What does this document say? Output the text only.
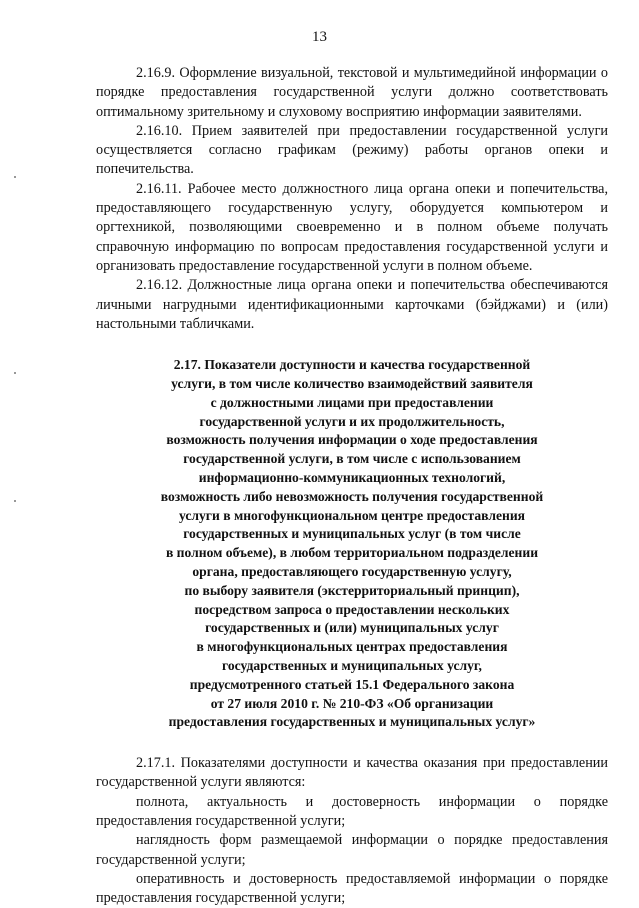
13

2.16.9. Оформление визуальной, текстовой и мультимедийной информации о порядке предоставления государственной услуги должно соответствовать оптимальному зрительному и слуховому восприятию информации заявителями.

2.16.10. Прием заявителей при предоставлении государственной услуги осуществляется согласно графикам (режиму) работы органов опеки и попечительства.

2.16.11. Рабочее место должностного лица органа опеки и попечительства, предоставляющего государственную услугу, оборудуется компьютером и оргтехникой, позволяющими своевременно и в полном объеме получать справочную информацию по вопросам предоставления государственной услуги и организовать предоставление государственной услуги в полном объеме.

2.16.12. Должностные лица органа опеки и попечительства обеспечиваются личными нагрудными идентификационными карточками (бэйджами) и (или) настольными табличками.

2.17. Показатели доступности и качества государственной
услуги, в том числе количество взаимодействий заявителя
с должностными лицами при предоставлении
государственной услуги и их продолжительность,
возможность получения информации о ходе предоставления
государственной услуги, в том числе с использованием
информационно-коммуникационных технологий,
возможность либо невозможность получения государственной
услуги в многофункциональном центре предоставления
государственных и муниципальных услуг (в том числе
в полном объеме), в любом территориальном подразделении
органа, предоставляющего государственную услугу,
по выбору заявителя (экстерриториальный принцип),
посредством запроса о предоставлении нескольких
государственных и (или) муниципальных услуг
в многофункциональных центрах предоставления
государственных и муниципальных услуг,
предусмотренного статьей 15.1 Федерального закона
от 27 июля 2010 г. № 210-ФЗ «Об организации
предоставления государственных и муниципальных услуг»

2.17.1. Показателями доступности и качества оказания при предоставлении государственной услуги являются:

полнота, актуальность и достоверность информации о порядке предоставления государственной услуги;

наглядность форм размещаемой информации о порядке предоставления государственной услуги;

оперативность и достоверность предоставляемой информации о порядке предоставления государственной услуги;
